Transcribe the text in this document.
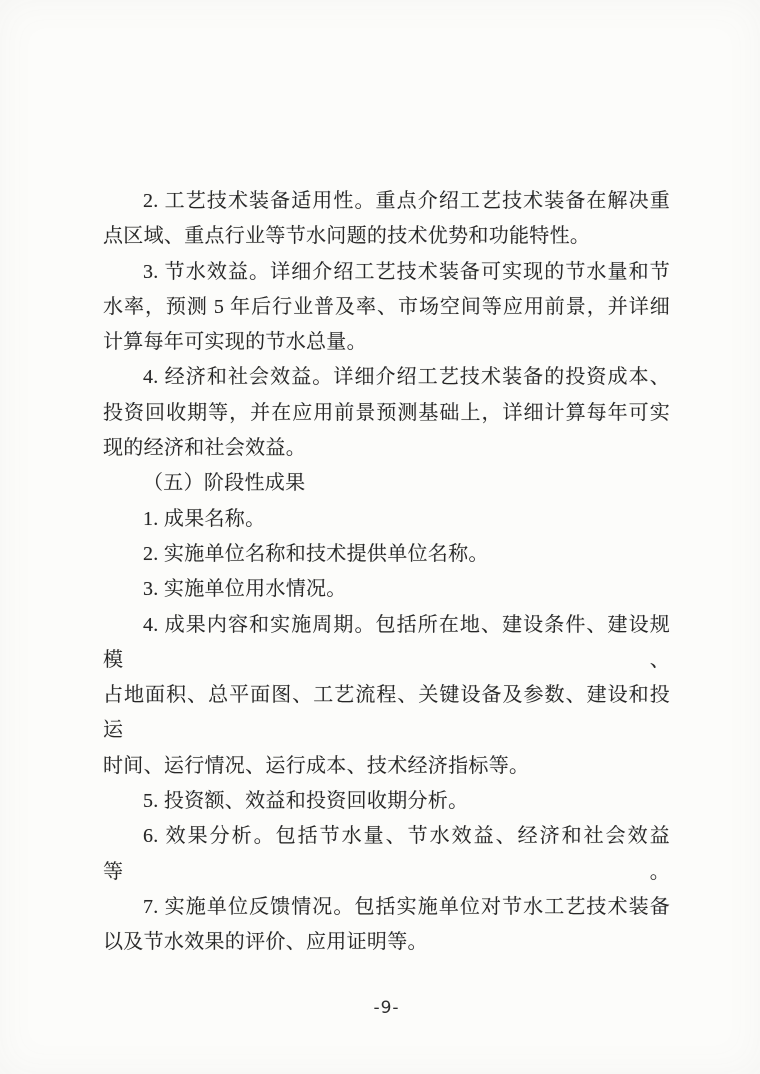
2. 工艺技术装备适用性。重点介绍工艺技术装备在解决重
点区域、重点行业等节水问题的技术优势和功能特性。
3. 节水效益。详细介绍工艺技术装备可实现的节水量和节
水率，预测 5 年后行业普及率、市场空间等应用前景，并详细
计算每年可实现的节水总量。
4. 经济和社会效益。详细介绍工艺技术装备的投资成本、
投资回收期等，并在应用前景预测基础上，详细计算每年可实
现的经济和社会效益。
（五）阶段性成果
1. 成果名称。
2. 实施单位名称和技术提供单位名称。
3. 实施单位用水情况。
4. 成果内容和实施周期。包括所在地、建设条件、建设规模、
占地面积、总平面图、工艺流程、关键设备及参数、建设和投运
时间、运行情况、运行成本、技术经济指标等。
5. 投资额、效益和投资回收期分析。
6. 效果分析。包括节水量、节水效益、经济和社会效益等。
7. 实施单位反馈情况。包括实施单位对节水工艺技术装备
以及节水效果的评价、应用证明等。
-9-
